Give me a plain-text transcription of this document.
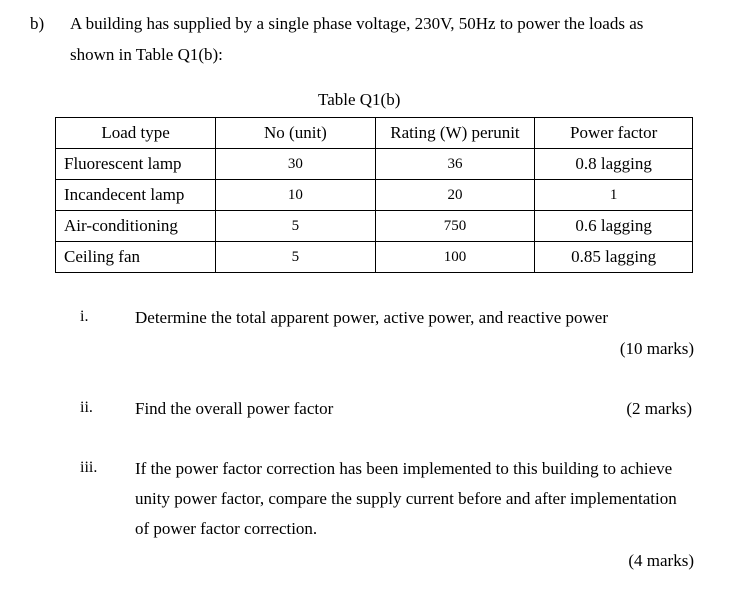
b) A building has supplied by a single phase voltage, 230V, 50Hz to power the loads as
shown in Table Q1(b):
Table Q1(b)
Load type	No (unit)	Rating (W) perunit	Power factor
Fluorescent lamp	30	36	0.8 lagging
Incandecent lamp	10	20	1
Air-conditioning	5	750	0.6 lagging
Ceiling fan	5	100	0.85 lagging
i.	Determine the total apparent power, active power, and reactive power
(10 marks)
ii. Find the overall power factor	(2 marks)
iii. If the power factor correction has been implemented to this building to achieve
unity power factor, compare the supply current before and after implementation
of power factor correction.
(4 marks)
